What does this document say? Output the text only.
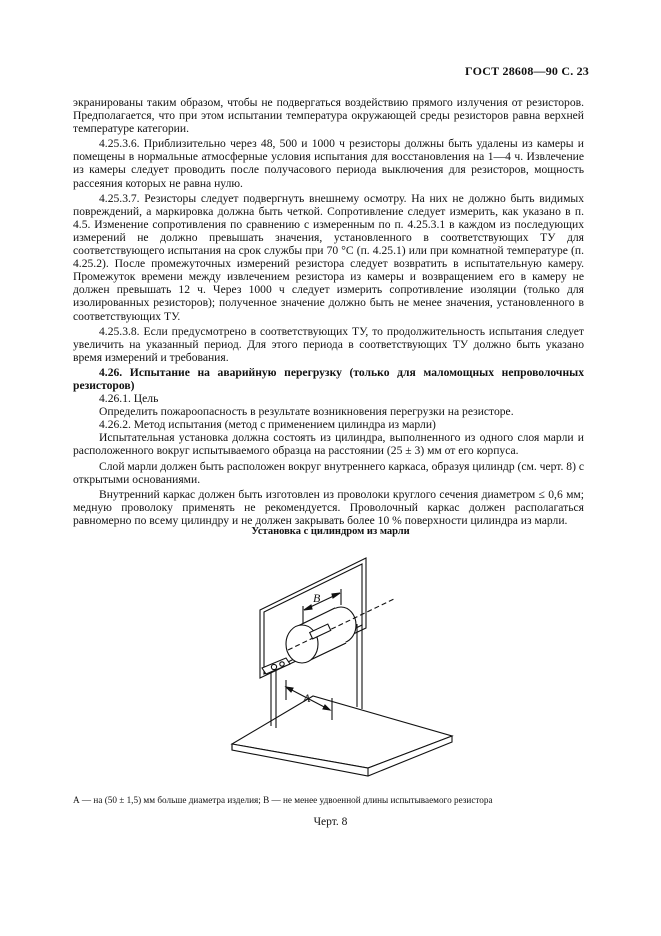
ГОСТ 28608—90 С. 23

экранированы таким образом, чтобы не подвергаться воздействию прямого излучения от резисторов. Предполагается, что при этом испытании температура окружающей среды резисторов равна верхней температуре категории.

4.25.3.6. Приблизительно через 48, 500 и 1000 ч резисторы должны быть удалены из камеры и помещены в нормальные атмосферные условия испытания для восстановления на 1—4 ч. Извлечение из камеры следует проводить после получасового периода выключения для резисторов, мощность рассеяния которых не равна нулю.

4.25.3.7. Резисторы следует подвергнуть внешнему осмотру. На них не должно быть видимых повреждений, а маркировка должна быть четкой. Сопротивление следует измерить, как указано в п. 4.5. Изменение сопротивления по сравнению с измеренным по п. 4.25.3.1 в каждом из последующих измерений не должно превышать значения, установленного в соответствующих ТУ для соответствующего испытания на срок службы при 70 °С (п. 4.25.1) или при комнатной температуре (п. 4.25.2). После промежуточных измерений резистора следует возвратить в испытательную камеру. Промежуток времени между извлечением резистора из камеры и возвращением его в камеру не должен превышать 12 ч. Через 1000 ч следует измерить сопротивление изоляции (только для изолированных резисторов); полученное значение должно быть не менее значения, установленного в соответствующих ТУ.

4.25.3.8. Если предусмотрено в соответствующих ТУ, то продолжительность испытания следует увеличить на указанный период. Для этого периода в соответствующих ТУ должно быть указано время измерений и требования.

4.26. Испытание на аварийную перегрузку (только для маломощных непроволочных резисторов)

4.26.1. Цель

Определить пожароопасность в результате возникновения перегрузки на резисторе.

4.26.2. Метод испытания (метод с применением цилиндра из марли)

Испытательная установка должна состоять из цилиндра, выполненного из одного слоя марли и расположенного вокруг испытываемого образца на расстоянии (25 ± 3) мм от его корпуса.

Слой марли должен быть расположен вокруг внутреннего каркаса, образуя цилиндр (см. черт. 8) с открытыми основаниями.

Внутренний каркас должен быть изготовлен из проволоки круглого сечения диаметром ≤ 0,6 мм; медную проволоку применять не рекомендуется. Проволочный каркас должен располагаться равномерно по всему цилиндру и не должен закрывать более 10 % поверхности цилиндра из марли.

Установка с цилиндром из марли
В
А
А — на (50 ± 1,5) мм больше диаметра изделия; В — не менее удвоенной длины испытываемого резистора
Черт. 8
